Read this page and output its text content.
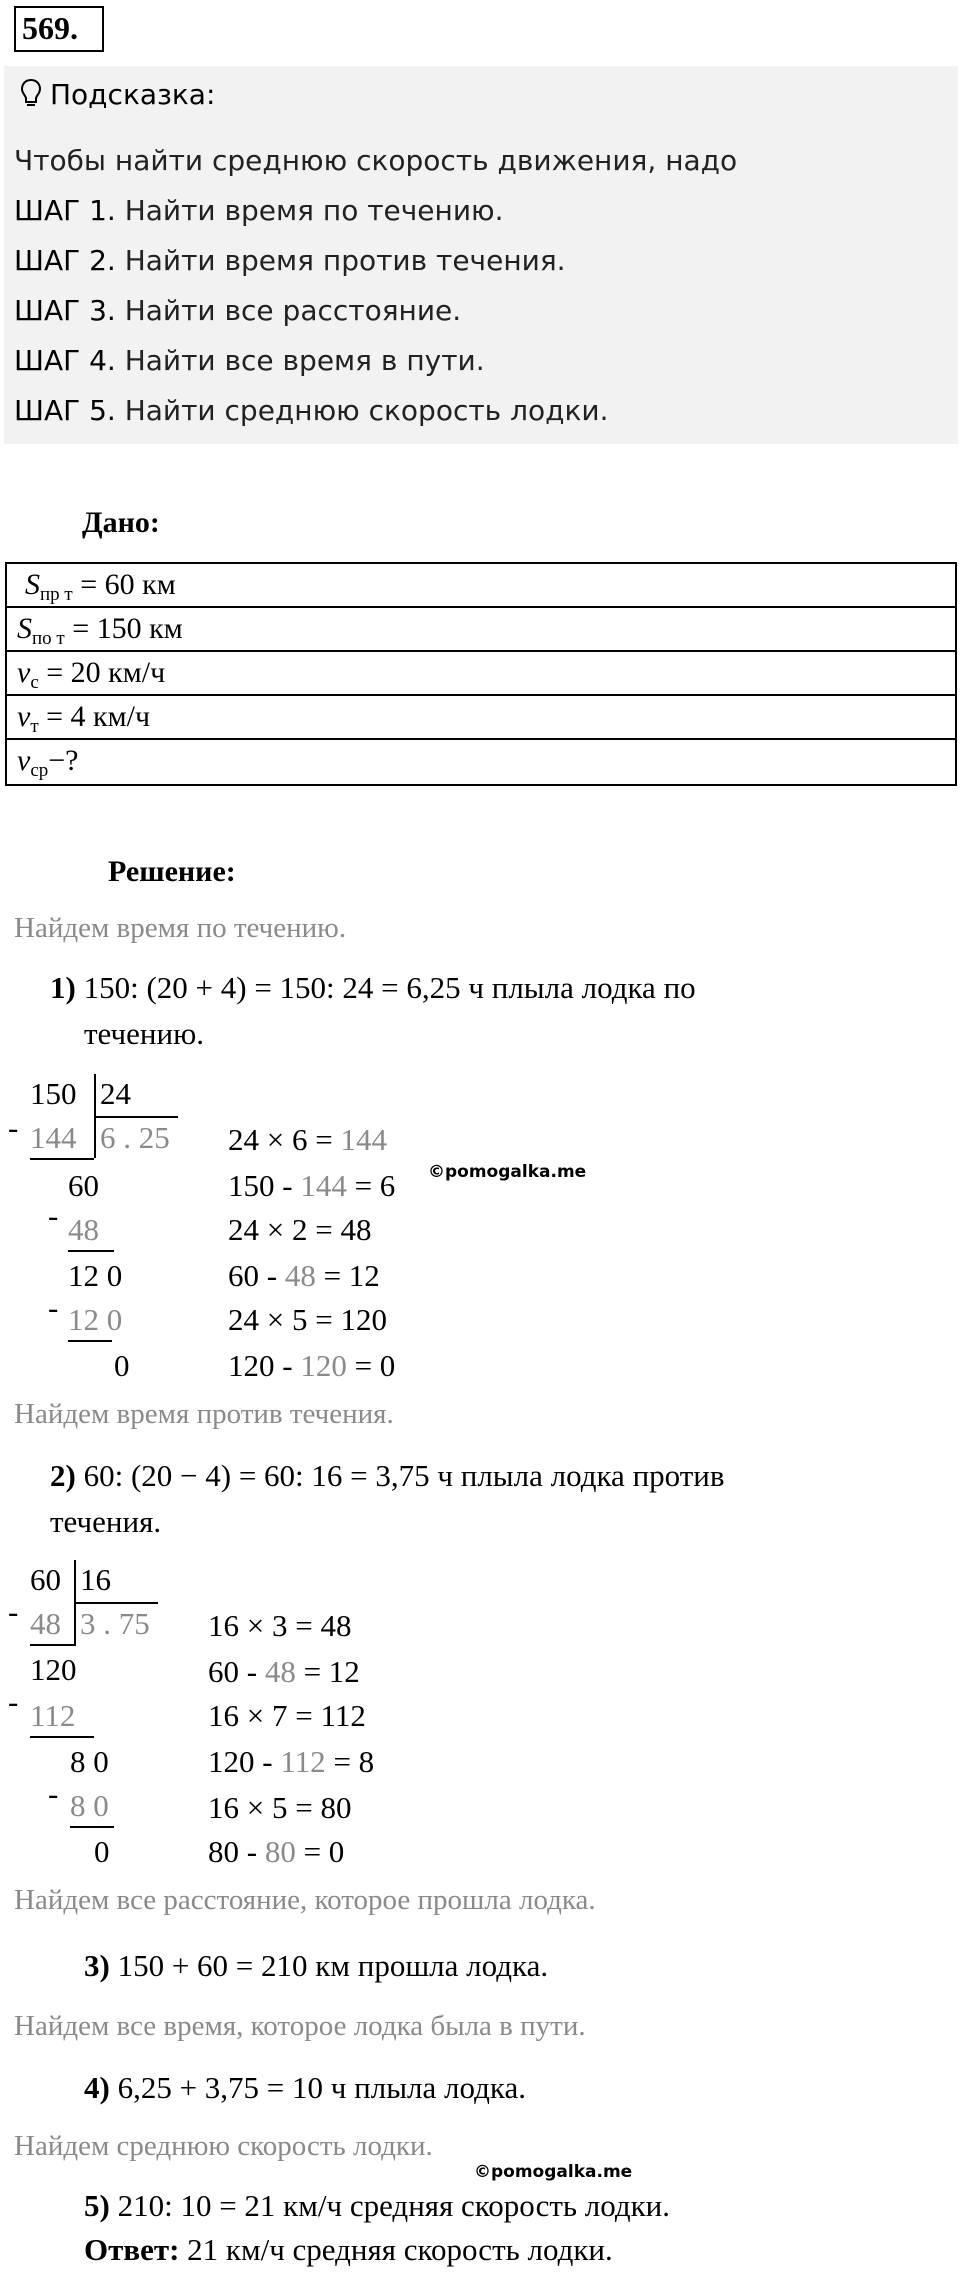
569.
Подсказка:
Чтобы найти среднюю скорость движения, надо
ШАГ 1. Найти время по течению.
ШАГ 2. Найти время против течения.
ШАГ 3. Найти все расстояние.
ШАГ 4. Найти все время в пути.
ШАГ 5. Найти среднюю скорость лодки.
Дано:
$S_{пр т} = 60$ км
$S_{по т} = 150$ км
$v_с = 20$ км/ч
$v_т = 4$ км/ч
$v_{ср}-$?
Решение:
Найдем время по течению.
1) 150: (20 + 4) = 150: 24 = 6,25 ч плыла лодка по
течению.
150 24
- 144 6 . 25
60
- 48
12 0
- 12 0
0
24 × 6 = 144
150 - 144 = 6 ©pomogalka.me
24 × 2 = 48
60 - 48 = 12
24 × 5 = 120
120 - 120 = 0
Найдем время против течения.
2) 60: (20 − 4) = 60: 16 = 3,75 ч плыла лодка против
течения.
60 16
- 48 3 . 75
120
- 112
8 0
- 8 0
0
16 × 3 = 48
60 - 48 = 12
16 × 7 = 112
120 - 112 = 8
16 × 5 = 80
80 - 80 = 0
Найдем все расстояние, которое прошла лодка.
3) 150 + 60 = 210 км прошла лодка.
Найдем все время, которое лодка была в пути.
4) 6,25 + 3,75 = 10 ч плыла лодка.
Найдем среднюю скорость лодки.
©pomogalka.me
5) 210: 10 = 21 км/ч средняя скорость лодки.
Ответ: 21 км/ч средняя скорость лодки.
